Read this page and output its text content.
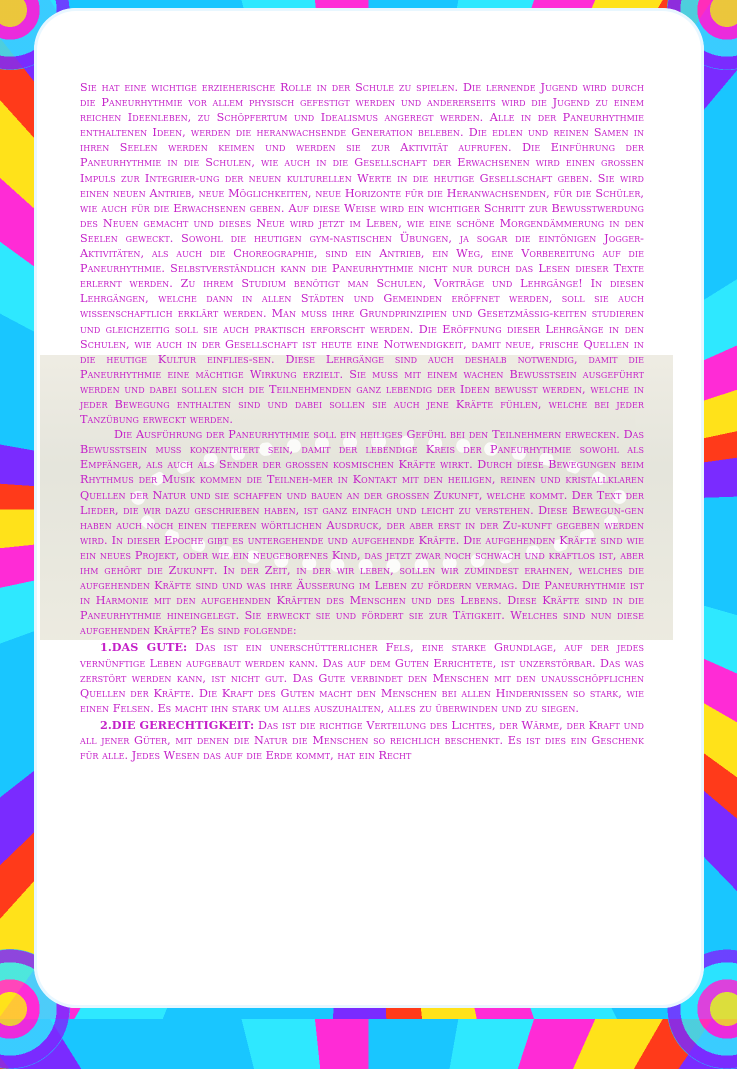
Sie hat eine wichtige erzieherische Rolle in der Schule zu spielen. Die lernende Jugend wird durch die Paneurhythmie vor allem physisch gefestigt werden und andererseits wird die Jugend zu einem reichen Ideenleben, zu Schöpfertum und Idealismus angeregt werden. Alle in der Paneurhythmie enthaltenen Ideen, werden die heranwachsende Generation beleben. Die edlen und reinen Samen in ihren Seelen werden keimen und werden sie zur Aktivität aufrufen. Die Einführung der Paneurhythmie in die Schulen, wie auch in die Gesellschaft der Erwachsenen wird einen grossen Impuls zur Integrier-ung der neuen kulturellen Werte in die heutige Gesellschaft geben. Sie wird einen neuen Antrieb, neue Möglichkeiten, neue Horizonte für die Heranwachsenden, für die Schüler, wie auch für die Erwachsenen geben. Auf diese Weise wird ein wichtiger Schritt zur Bewusstwerdung des Neuen gemacht und dieses Neue wird jetzt im Leben, wie eine schöne Morgendämmerung in den Seelen geweckt. Sowohl die heutigen gym-nastischen Übungen, ja sogar die eintönigen Jogger-Aktivitäten, als auch die Choreographie, sind ein Antrieb, ein Weg, eine Vorbereitung auf die Paneurhythmie. Selbstverständlich kann die Paneurhythmie nicht nur durch das Lesen dieser Texte erlernt werden. Zu ihrem Studium benötigt man Schulen, Vorträge und Lehrgänge! In diesen Lehrgängen, welche dann in allen Städten und Gemeinden eröffnet werden, soll sie auch wissenschaftlich erklärt werden. Man muss ihre Grundprinzipien und Gesetzmässig-keiten studieren und gleichzeitig soll sie auch praktisch erforscht werden. Die Eröffnung dieser Lehrgänge in den Schulen, wie auch in der Gesellschaft ist heute eine Notwendigkeit, damit neue, frische Quellen in die heutige Kultur einflies-sen. Diese Lehrgänge sind auch deshalb notwendig, damit die Paneurhythmie eine mächtige Wirkung erzielt. Sie muss mit einem wachen Bewusstsein ausgeführt werden und dabei sollen sich die Teilnehmenden ganz lebendig der Ideen bewusst werden, welche in jeder Bewegung enthalten sind und dabei sollen sie auch jene Kräfte fühlen, welche bei jeder Tanzübung erweckt werden.

Die Ausführung der Paneurhythmie soll ein heiliges Gefühl bei den Teilnehmern erwecken. Das Bewusstsein muss konzentriert sein, damit der lebendige Kreis der Paneurhythmie sowohl als Empfänger, als auch als Sender der grossen kosmischen Kräfte wirkt. Durch diese Bewegungen beim Rhythmus der Musik kommen die Teilneh-mer in Kontakt mit den heiligen, reinen und kristallklaren Quellen der Natur und sie schaffen und bauen an der grossen Zukunft, welche kommt. Der Text der Lieder, die wir dazu geschrieben haben, ist ganz einfach und leicht zu verstehen. Diese Bewegun-gen haben auch noch einen tieferen wörtlichen Ausdruck, der aber erst in der Zu-kunft gegeben werden wird. In dieser Epoche gibt es untergehende und aufgehende Kräfte. Die aufgehenden Kräfte sind wie ein neues Projekt, oder wie ein neugeborenes Kind, das jetzt zwar noch schwach und kraftlos ist, aber ihm gehört die Zukunft. In der Zeit, in der wir leben, sollen wir zumindest erahnen, welches die aufgehenden Kräfte sind und was ihre Äusserung im Leben zu fördern vermag. Die Paneurhythmie ist in Harmonie mit den aufgehenden Kräften des Menschen und des Lebens. Diese Kräfte sind in die Paneurhythmie hineingelegt. Sie erweckt sie und fördert sie zur Tätigkeit. Welches sind nun diese aufgehenden Kräfte? Es sind folgende:

1.DAS GUTE: Das ist ein unerschütterlicher Fels, eine starke Grundlage, auf der jedes vernünftige Leben aufgebaut werden kann. Das auf dem Guten Errichtete, ist unzerstörbar. Das was zerstört werden kann, ist nicht gut. Das Gute verbindet den Menschen mit den unausschöpflichen Quellen der Kräfte. Die Kraft des Guten macht den Menschen bei allen Hindernissen so stark, wie einen Felsen. Es macht ihn stark um alles auszuhalten, alles zu überwinden und zu siegen.

2.DIE GERECHTIGKEIT: Das ist die richtige Verteilung des Lichtes, der Wärme, der Kraft und all jener Güter, mit denen die Natur die Menschen so reichlich beschenkt. Es ist dies ein Geschenk für alle. Jedes Wesen das auf die Erde kommt, hat ein Recht
